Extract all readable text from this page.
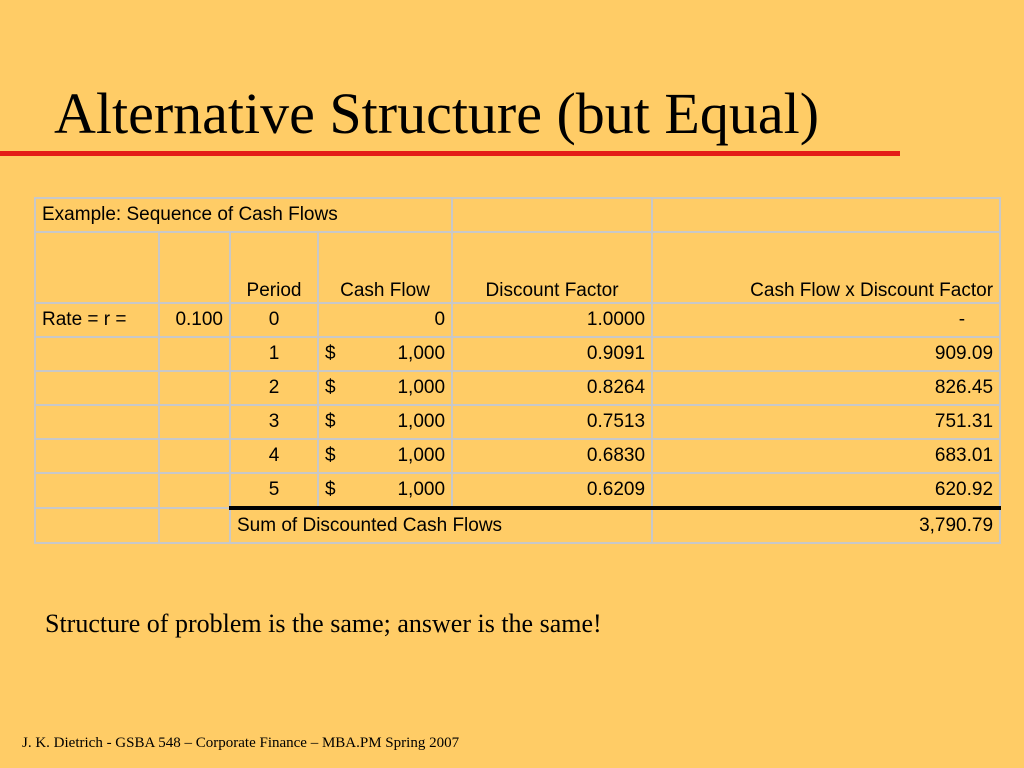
Alternative Structure (but Equal)
Example: Sequence of Cash Flows					
		Period	Cash Flow	Discount Factor	Cash Flow x Discount Factor
Rate = r =	0.100	0	0	1.0000	-
		1	$ 1,000	0.9091	909.09
		2	$ 1,000	0.8264	826.45
		3	$ 1,000	0.7513	751.31
		4	$ 1,000	0.6830	683.01
		5	$ 1,000	0.6209	620.92
		Sum of Discounted Cash Flows			3,790.79
Structure of problem is the same; answer is the same!
J. K. Dietrich - GSBA 548 – Corporate Finance – MBA.PM Spring 2007
